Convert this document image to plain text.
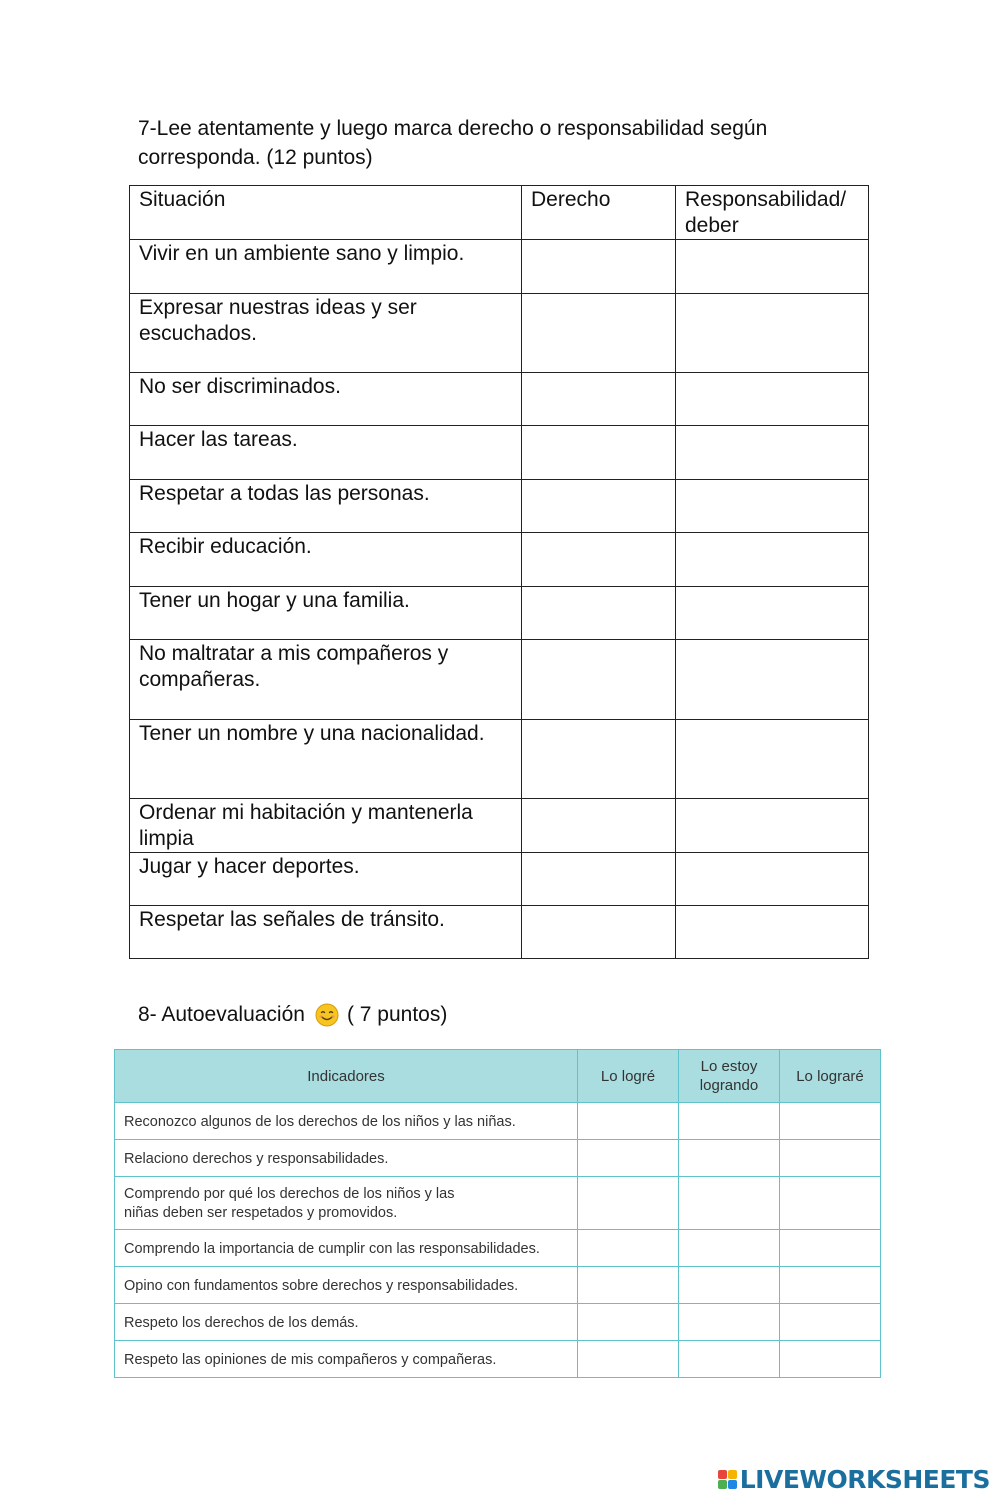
7-Lee atentamente y luego marca derecho o responsabilidad según corresponda. (12 puntos)

Situación	Derecho	Responsabilidad/ deber
Vivir en un ambiente sano y limpio.		
Expresar nuestras ideas y ser escuchados.		
No ser discriminados.		
Hacer las tareas.		
Respetar a todas las personas.		
Recibir educación.		
Tener un hogar y una familia.		
No maltratar a mis compañeros y compañeras.		
Tener un nombre y una nacionalidad.		
Ordenar mi habitación y mantenerla limpia		
Jugar y hacer deportes.		
Respetar las señales de tránsito.		
8- Autoevaluación ( 7 puntos)
Indicadores	Lo logré	Lo estoy logrando	Lo lograré
Reconozco algunos de los derechos de los niños y las niñas.			
Relaciono derechos y responsabilidades.			
Comprendo por qué los derechos de los niños y las niñas deben ser respetados y promovidos.			
Comprendo la importancia de cumplir con las responsabilidades.			
Opino con fundamentos sobre derechos y responsabilidades.			
Respeto los derechos de los demás.			
Respeto las opiniones de mis compañeros y compañeras.			
LIVEWORKSHEETS
